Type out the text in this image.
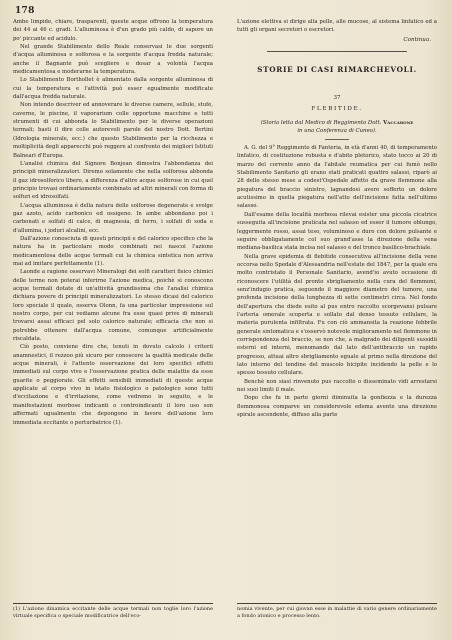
178

Ambe limpide, chiare, trasparenti, queste acque offrono la temperatura dei 44 ai 46 c. gradi. L'alluminosa è d'un grado più caldo, di sapore un po' piccante ed acidulo.

Nel grande Stabilimento dello Reale conservasi le due sorgenti d'acqua alluminosa e solforosa e la sorgente d'acqua fredda naturale; anche il Bagnante può scegliere e dosar a volontà l'acqua medicamentosa e moderarne la temperatura.

Lo Stabilimento Borthollet è alimentato dalla sorgente alluminosa di cui la temperatura e l'attività può esser egualmente modificate dall'acqua fredda naturale.

Non intendo descriver ed annoverare le diverse camere, sellule, stufe, caverne, le piscine, il vaporarium colle opportune macchine e tutti strumenti di cui abbonda lo Stabilimento per le diverse operazioni termali; basti il dire colle autorevoli parole del nostro Dott. Bertini (Idrologia minerale, ecc.) che questo Stabilimento per la ricchezza e moltiplicità degli apparecchi può reggere al confronto dei migliori Istituti Balneari d'Europa.

L'analisi chimica del Signore Bonjean dimostra l'abbondanza dei principii mineralizzatori. Diremo solamente che nella solforosa abbonda il gaz idrosolforico libero, a differenza d'altre acque solforose in cui quel principio trovasi ordinariamente combinato ad altri minerali con forma di solfuri ed idrosolfati.

L'acqua alluminosa è della natura delle solforose degenerate e svolge gaz azoto, acido carbonico ed ossigeno. In ambe abbondano poi i carbonati e solfati di calce, di magnesia, di ferro, i solfati di soda e d'allumina, i joduri alcalini, ecc.

Dall'azione conosciuta di questi principii e del calorico specifico che la natura ha in particolare modo combinati nei nascoi l'azione medicamentosa delle acque termali cui la chimica sintetica non arriva mai ad imitare perfettamente (1).

Laonde a ragione osservavi Mineralogi dei solfi caratteri fisico chimici delle terme non poterai inferirne l'azione medica, poichè si conoscono acque termali dotate di un'attività grandissima che l'analisi chimica dichiara povere di principii mineralizzatori. Lo stesso dicasi del calorico loro speciale il quale, osserva Olonn, fa una particolar impressione sul nostro corpo, per cui vediamo alcune fra esse quasi prive di minerali trovarsi assai efficaci pel solo calorico naturale; efficacia che non si potrebbe ottenere dall'acqua comune, comunque artificialmente riscaldata.

Ciò posto, conviene dire che, tenuti in dovuto calcolo i criterii anamnestici, il rezzoo più sicuro per conoscere la qualità medicale delle acque minerali, è l'attento osservazione dei loro specifici effetti immediati sul corpo vivo e l'osservazione pratica delle malattie da esse guarite o peggiorate. Gli effetti sensibili immediati di queste acque applicate al corpo vivo in istato fisiologico o patologico sono tutti d'eccitazione e d'irritazione, come vedremo in seguito, e le manifestazioni morbose indicanti o controindicanti il loro uso son affermati ugualmente che depongono in favore dell'azione loro immediata eccitante o perturbatrice (1).

L'azione elettiva si dirige alla pelle, alle mucose, al sistema linfatico ed a tutti gli organi secretori o escretori.

Continua.
STORIE DI CASI RIMARCHEVOLI.
37
FLEBITIDE.

(Storia letta dal Medico di Reggimento Dott. Vaccarone

in una Conferenza di Cuneo).

A. G. del 9° Reggimento di Fanteria, in età d'anni 40, di temperamento linfatico, di costituzione robusta e d'abito pletorico, stato tocco ai 20 di marzo del corrente anno da l'abitale reumatica per cui fumò nello Stabilimento Sanitario gli erano stati praticati quattro salassi, riparò ai 28 dello stesso mese a codest'Ospedale affetto da grave flemmone alla piegatura del braccio sinistro, lagnandosi avere sofferto un dolore acutissimo in quella piegatura nell'atto dell'incisione fatta nell'ultimo salasso.

Dall'esame della località morbosa rilevai esister una piccola cicatrice susseguita all'incisione praticata nel salasso ed esser il tumore oblungo, leggermente rosso, assai teso, voluminoso e duro con dolore pulsante e seguire obbligatamente col suo grand'asse la direzione della vena mediana-basilica stata incisa nel salasso e del tronco basilico-brachiale.

Nella grave epidemia di flebitide consecutiva all'incisione della vene occorsa nello Spedale d'Alessandria nell'estate del 1847, per la quale era molto contristato il Personale Sanitario, avend'io avuto occasione di riconoscere l'utilità del pronto sbrigliamento nella cura del flemmoni, senz'indugio pratica, seguendo il maggiore diametro del tumore, una profonda incisione della lunghezza di sette centimetri circa. Nel fondo dell'apertura che diede esito al pus entro raccolto scorgevansi pulsare l'arteria omerale scoperta e sollato dal denso tessuto cellulare, la materia purulenta infiltrata. Fu con ciò ammansita la reazione febbrile generale sintomatica e s'osservò notevole miglioramento nel flemmone in corrispondenza del braccio, se non che, a malgrado dei diligenti sussidii esterni ed interni, menomando dal lato dell'antibraccio un rapido progresso, attuai altro sbrigliamento eguale al primo nella direzione del lato interno del tendine del muscolo bicipite incidendo la pelle e lo spesso tessuto cellulare.

Benchè non siasi rinvenuto pus raccolto o disseminato vidi arrestarsi nei suoi limiti il male.

Dopo che fu in parte giorni diminuita la gonfiezza e la durezza flemmonosa comparve un considerevole edema avente una direzione spirale ascendente, diffuso alla parte

(1) L'azione dinamica eccitante delle acque termali non toglie loro l'azione virtuale specifica o speciale modificatrice dell'eco-
nomia vivente, per cui giovan esse in malattie di vario genere ordinariamente a fondo atonico e processo lento.
